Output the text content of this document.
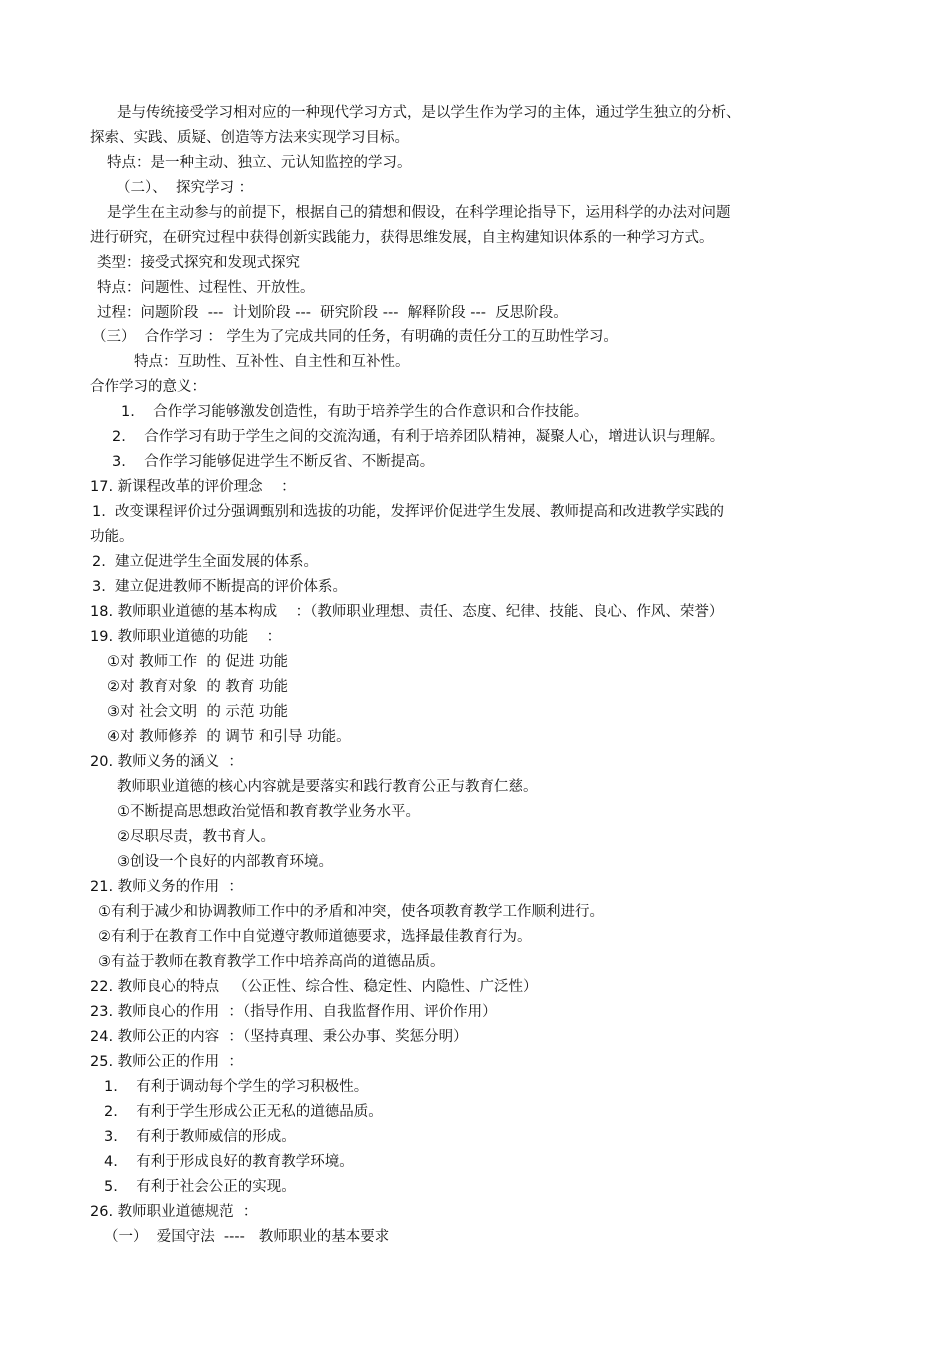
是与传统接受学习相对应的一种现代学习方式，是以学生作为学习的主体，通过学生独立的分析、
探索、实践、质疑、创造等方法来实现学习目标。
特点：是一种主动、独立、元认知监控的学习。
（二）、  探究学习 ：
是学生在主动参与的前提下，根据自己的猜想和假设，在科学理论指导下，运用科学的办法对问题
进行研究，在研究过程中获得创新实践能力，获得思维发展，自主构建知识体系的一种学习方式。
类型：接受式探究和发现式探究
特点：问题性、过程性、开放性。
过程：问题阶段  ---  计划阶段 ---  研究阶段 ---  解释阶段 ---  反思阶段。
（三）  合作学习 ： 学生为了完成共同的任务，有明确的责任分工的互助性学习。
特点：互助性、互补性、自主性和互补性。
合作学习的意义：
1.    合作学习能够激发创造性，有助于培养学生的合作意识和合作技能。
2.    合作学习有助于学生之间的交流沟通，有利于培养团队精神，凝聚人心，增进认识与理解。
3.    合作学习能够促进学生不断反省、不断提高。
17. 新课程改革的评价理念    ：
1.  改变课程评价过分强调甄别和选拔的功能，发挥评价促进学生发展、教师提高和改进教学实践的
功能。
2.  建立促进学生全面发展的体系。
3.  建立促进教师不断提高的评价体系。
18. 教师职业道德的基本构成    ：（教师职业理想、责任、态度、纪律、技能、良心、作风、荣誉）
19. 教师职业道德的功能    ：
①对 教师工作  的 促进 功能
②对 教育对象  的 教育 功能
③对 社会文明  的 示范 功能
④对 教师修养  的 调节 和引导 功能。
20. 教师义务的涵义  ：
教师职业道德的核心内容就是要落实和践行教育公正与教育仁慈。
①不断提高思想政治觉悟和教育教学业务水平。
②尽职尽责，教书育人。
③创设一个良好的内部教育环境。
21. 教师义务的作用  ：
①有利于减少和协调教师工作中的矛盾和冲突，使各项教育教学工作顺利进行。
②有利于在教育工作中自觉遵守教师道德要求，选择最佳教育行为。
③有益于教师在教育教学工作中培养高尚的道德品质。
22. 教师良心的特点   （公正性、综合性、稳定性、内隐性、广泛性）
23. 教师良心的作用  ：（指导作用、自我监督作用、评价作用）
24. 教师公正的内容  ：（坚持真理、秉公办事、奖惩分明）
25. 教师公正的作用  ：
1.    有利于调动每个学生的学习积极性。
2.    有利于学生形成公正无私的道德品质。
3.    有利于教师威信的形成。
4.    有利于形成良好的教育教学环境。
5.    有利于社会公正的实现。
26. 教师职业道德规范  ：
（一）  爱国守法  ----   教师职业的基本要求
